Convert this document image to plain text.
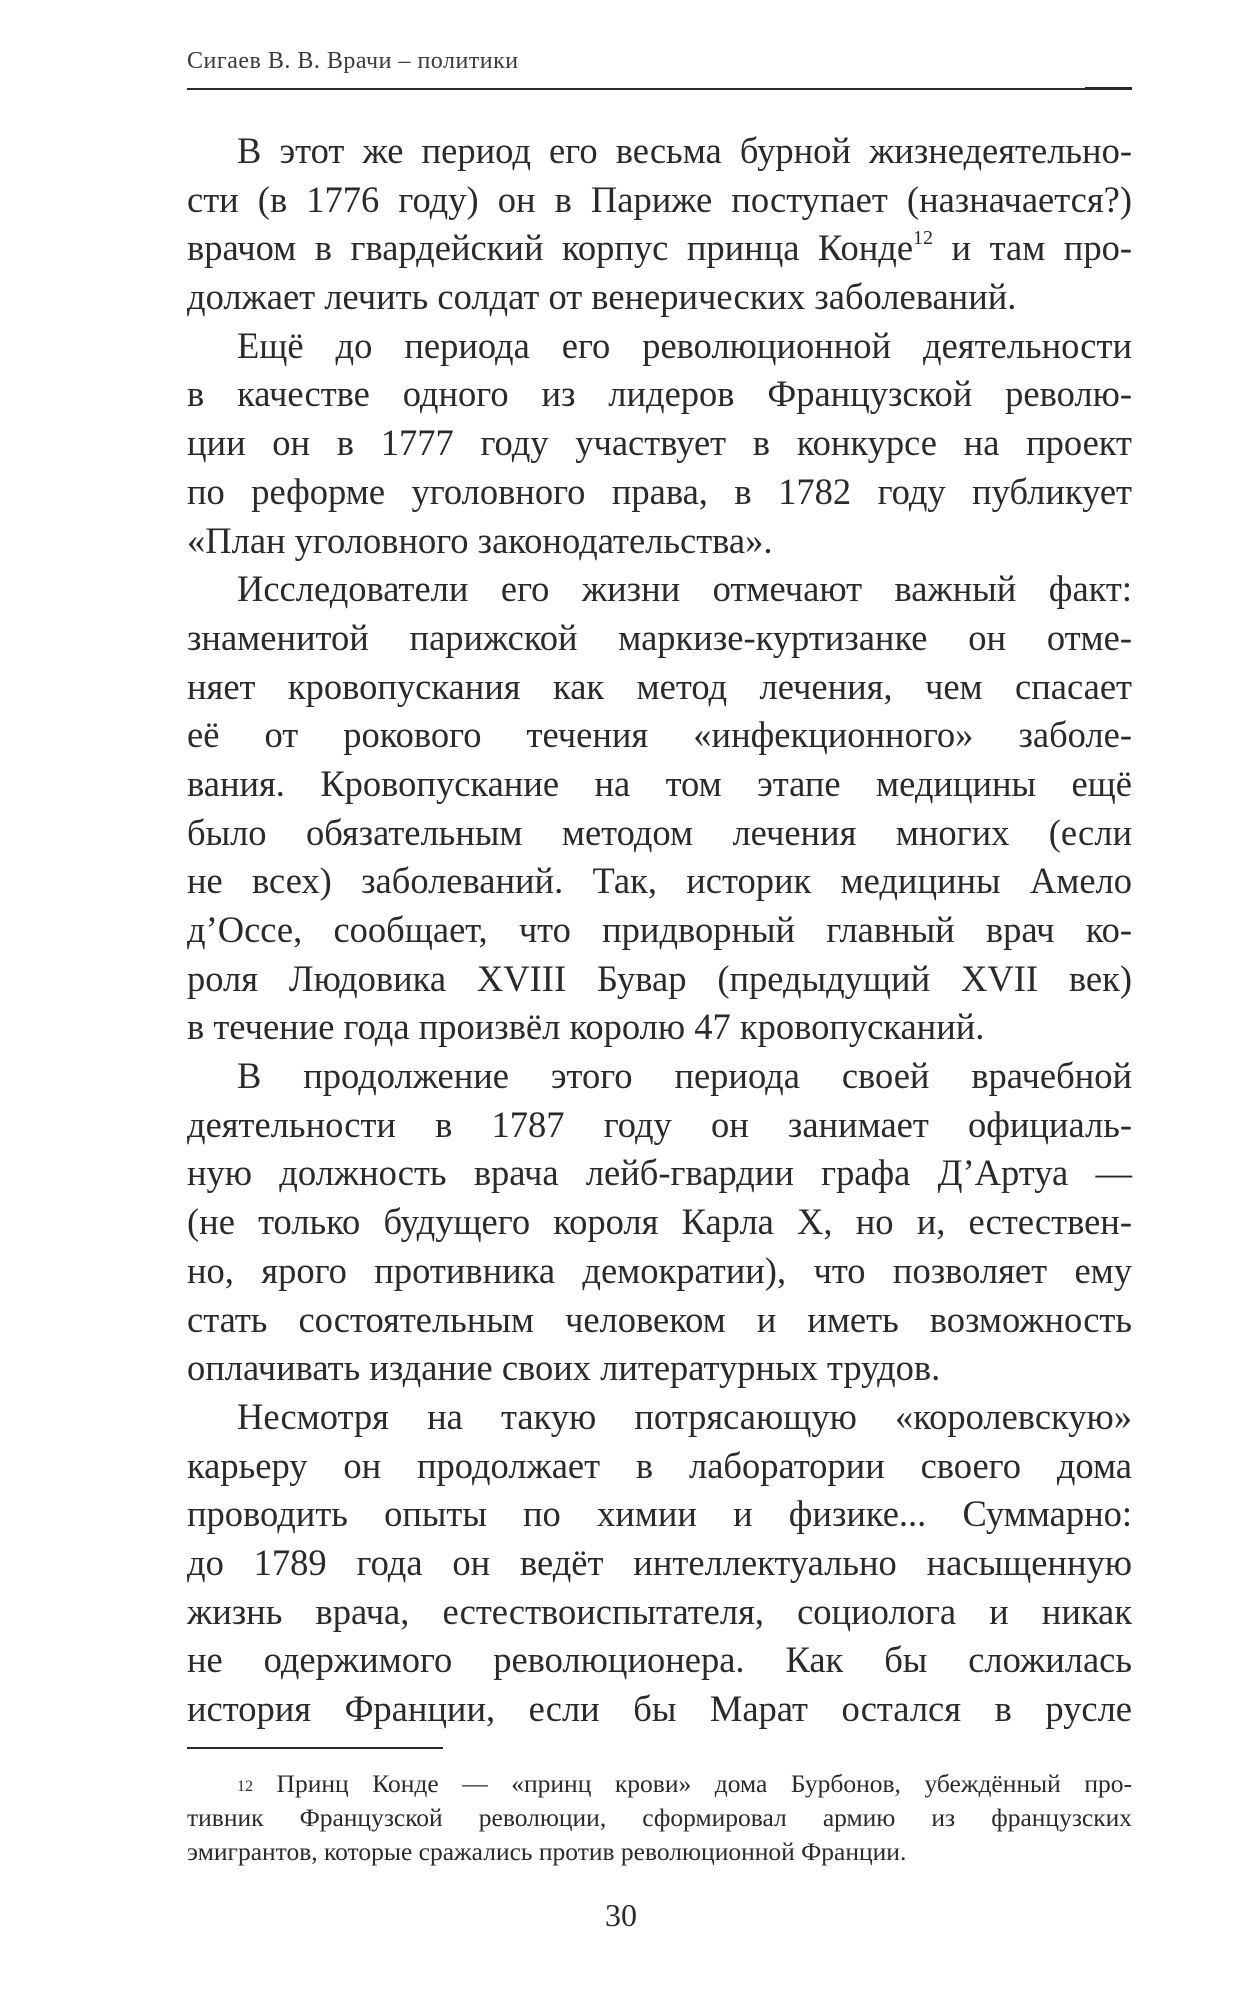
Сигаев В. В. Врачи – политики
В этот же период его весьма бурной жизнедеятельно-
сти (в 1776 году) он в Париже поступает (назначается?)
врачом в гвардейский корпус принца Конде$^{12}$ и там про-
должает лечить солдат от венерических заболеваний.
Ещё до периода его революционной деятельности
в качестве одного из лидеров Французской револю-
ции он в 1777 году участвует в конкурсе на проект
по реформе уголовного права, в 1782 году публикует
«План уголовного законодательства».
Исследователи его жизни отмечают важный факт:
знаменитой парижской маркизе-куртизанке он отме-
няет кровопускания как метод лечения, чем спасает
её от рокового течения «инфекционного» заболе-
вания. Кровопускание на том этапе медицины ещё
было обязательным методом лечения многих (если
не всех) заболеваний. Так, историк медицины Амело
д’Оссе, сообщает, что придворный главный врач ко-
роля Людовика XVIII Бувар (предыдущий XVII век)
в течение года произвёл королю 47 кровопусканий.
В продолжение этого периода своей врачебной
деятельности в 1787 году он занимает официаль-
ную должность врача лейб-гвардии графа Д’Артуа —
(не только будущего короля Карла X, но и, естествен-
но, ярого противника демократии), что позволяет ему
стать состоятельным человеком и иметь возможность
оплачивать издание своих литературных трудов.
Несмотря на такую потрясающую «королевскую»
карьеру он продолжает в лаборатории своего дома
проводить опыты по химии и физике... Суммарно:
до 1789 года он ведёт интеллектуально насыщенную
жизнь врача, естествоиспытателя, социолога и никак
не одержимого революционера. Как бы сложилась
история Франции, если бы Марат остался в русле
$^{12}$ Принц Конде — «принц крови» дома Бурбонов, убеждённый про-
тивник Французской революции, сформировал армию из французских
эмигрантов, которые сражались против революционной Франции.
30
